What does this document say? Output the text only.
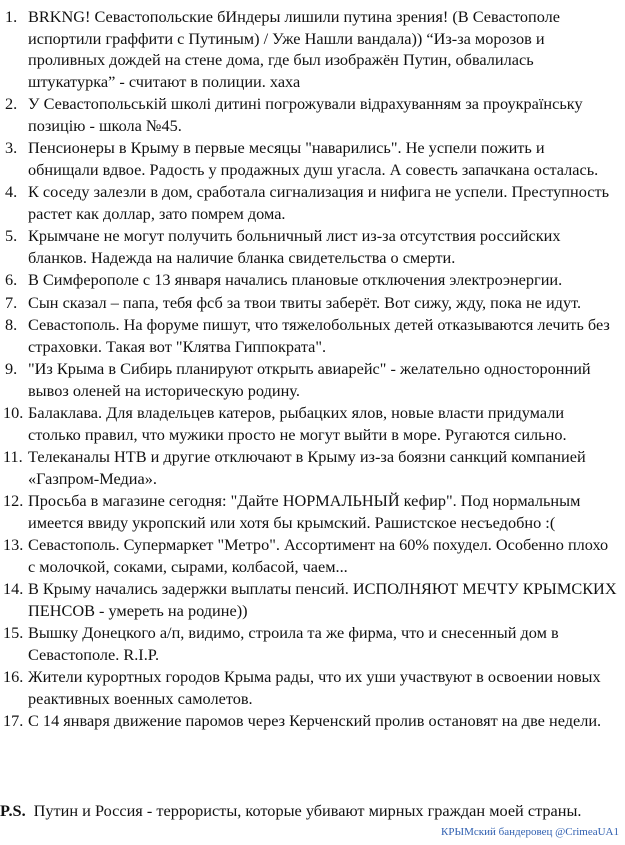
1. BRKNG! Севастопольские бИндеры лишили путина зрения! (В Севастополе испортили граффити с Путиным) / Уже Нашли вандала)) “Из-за морозов и проливных дождей на стене дома, где был изображён Путин, обвалилась штукатурка” - считают в полиции. хаха
2. У Севастопольській школі дитині погрожували відрахуванням за проукраїнську позицію - школа №45.
3. Пенсионеры в Крыму в первые месяцы "наварились". Не успели пожить и обнищали вдвое. Радость у продажных душ угасла. А совесть запачкана осталась.
4. К соседу залезли в дом, сработала сигнализация и нифига не успели. Преступность растет как доллар, зато помрем дома.
5. Крымчане не могут получить больничный лист из-за отсутствия российских бланков. Надежда на наличие бланка свидетельства о смерти.
6. В Симферополе с 13 января начались плановые отключения электроэнергии.
7. Сын сказал – папа, тебя фсб за твои твиты заберёт. Вот сижу, жду, пока не идут.
8. Севастополь. На форуме пишут, что тяжелобольных детей отказываются лечить без страховки. Такая вот "Клятва Гиппократа".
9. "Из Крыма в Сибирь планируют открыть авиарейс" - желательно односторонний вывоз оленей на историческую родину.
10. Балаклава. Для владельцев катеров, рыбацких ялов, новые власти придумали столько правил, что мужики просто не могут выйти в море. Ругаются сильно.
11. Телеканалы НТВ и другие отключают в Крыму из-за боязни санкций компанией «Газпром-Медиа».
12. Просьба в магазине сегодня: "Дайте НОРМАЛЬНЫЙ кефир". Под нормальным имеется ввиду укропский или хотя бы крымский. Рашистское несъедобно :(
13. Севастополь. Супермаркет "Метро". Ассортимент на 60% похудел. Особенно плохо с молочкой, соками, сырами, колбасой, чаем...
14. В Крыму начались задержки выплаты пенсий. ИСПОЛНЯЮТ МЕЧТУ КРЫМСКИХ ПЕНСОВ - умереть на родине))
15. Вышку Донецкого а/п, видимо, строила та же фирма, что и снесенный дом в Севастополе. R.I.P.
16. Жители курортных городов Крыма рады, что их уши участвуют в освоении новых реактивных военных самолетов.
17. С 14 января движение паромов через Керченский пролив остановят на две недели.
P.S. Путин и Россия - террористы, которые убивают мирных граждан моей страны.
КРЫМский бандеровец @CrimeaUA1
